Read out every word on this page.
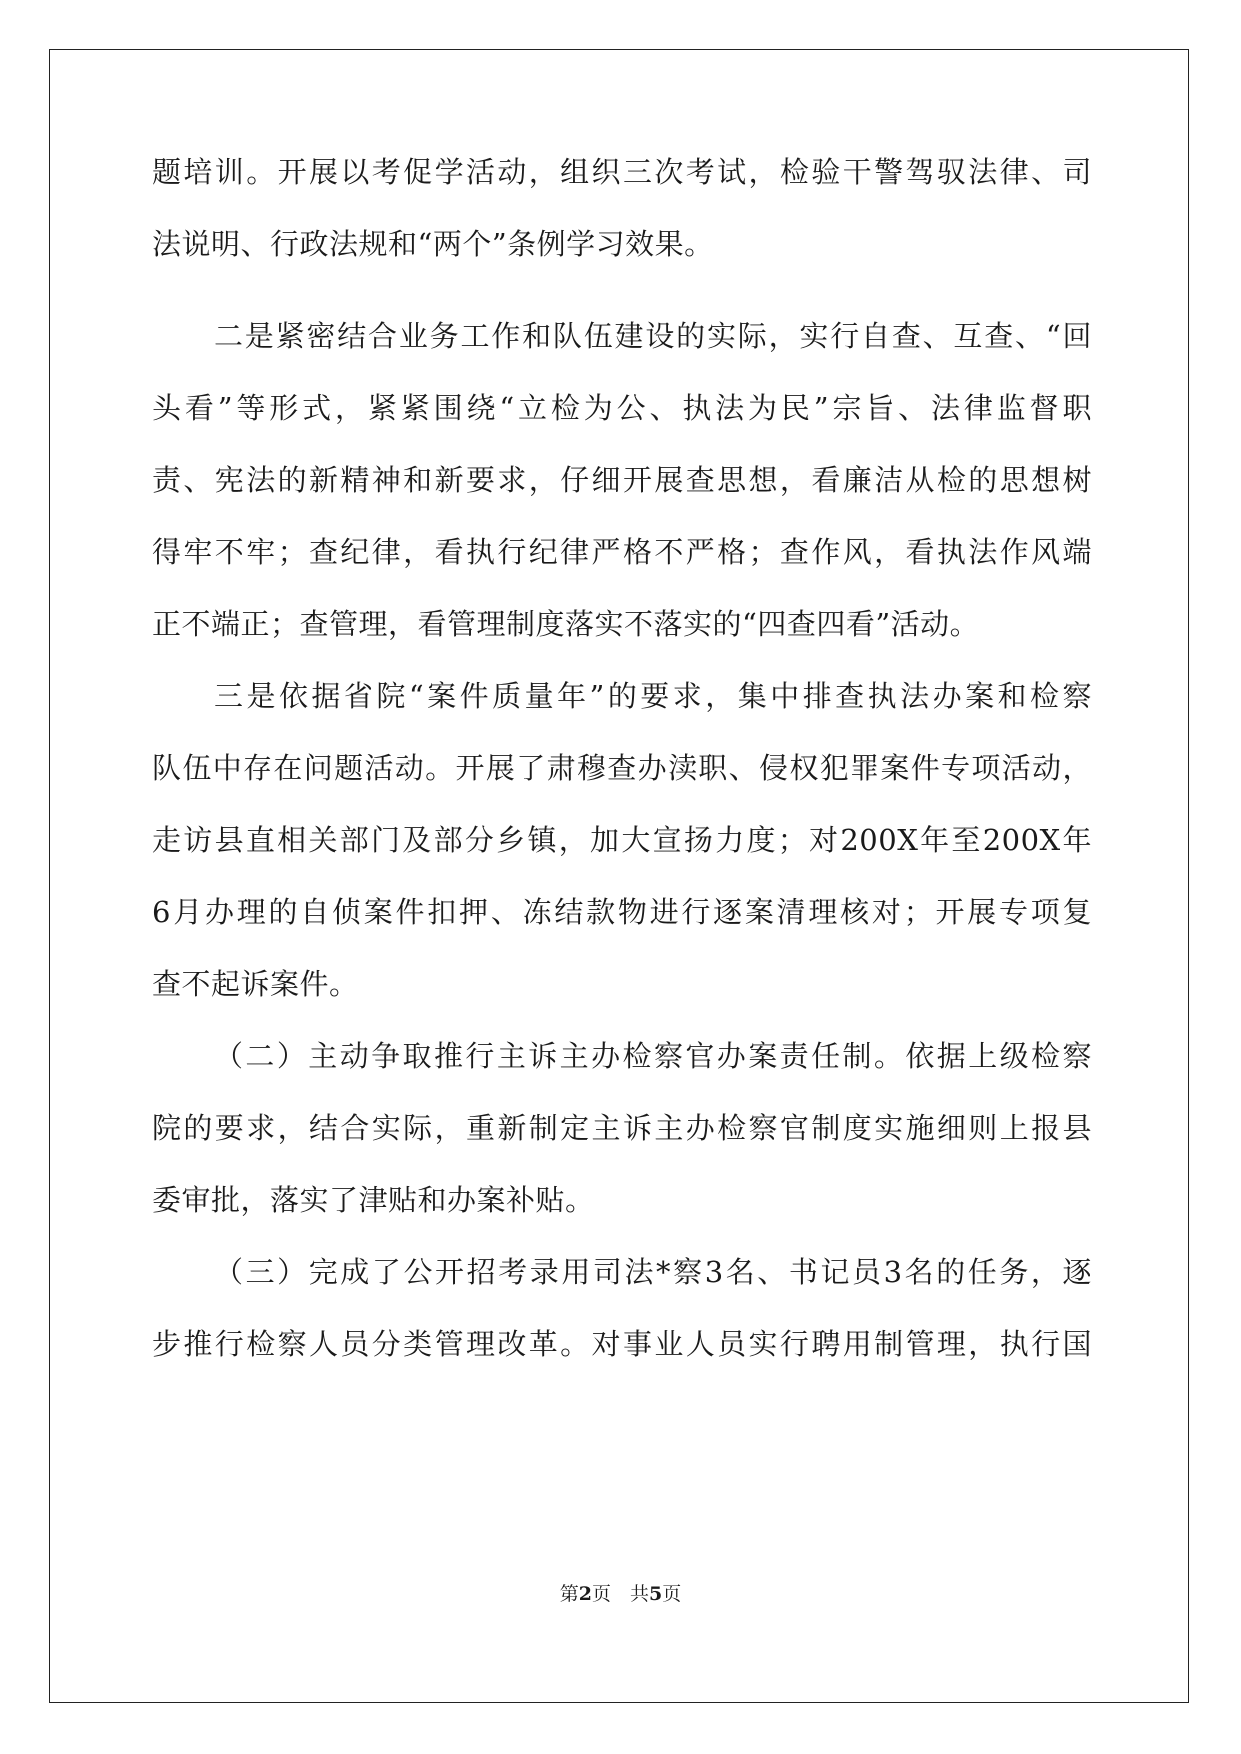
题培训。开展以考促学活动，组织三次考试，检验干警驾驭法律、司
法说明、行政法规和“两个”条例学习效果。
二是紧密结合业务工作和队伍建设的实际，实行自查、互查、“回
头看”等形式，紧紧围绕“立检为公、执法为民”宗旨、法律监督职
责、宪法的新精神和新要求，仔细开展查思想，看廉洁从检的思想树
得牢不牢；查纪律，看执行纪律严格不严格；查作风，看执法作风端
正不端正；查管理，看管理制度落实不落实的“四查四看”活动。
三是依据省院“案件质量年”的要求，集中排查执法办案和检察
队伍中存在问题活动。开展了肃穆查办渎职、侵权犯罪案件专项活动，
走访县直相关部门及部分乡镇，加大宣扬力度；对200X年至200X年
6月办理的自侦案件扣押、冻结款物进行逐案清理核对；开展专项复
查不起诉案件。
（二）主动争取推行主诉主办检察官办案责任制。依据上级检察
院的要求，结合实际，重新制定主诉主办检察官制度实施细则上报县
委审批，落实了津贴和办案补贴。
（三）完成了公开招考录用司法*察3名、书记员3名的任务，逐
步推行检察人员分类管理改革。对事业人员实行聘用制管理，执行国
第2页　共5页
